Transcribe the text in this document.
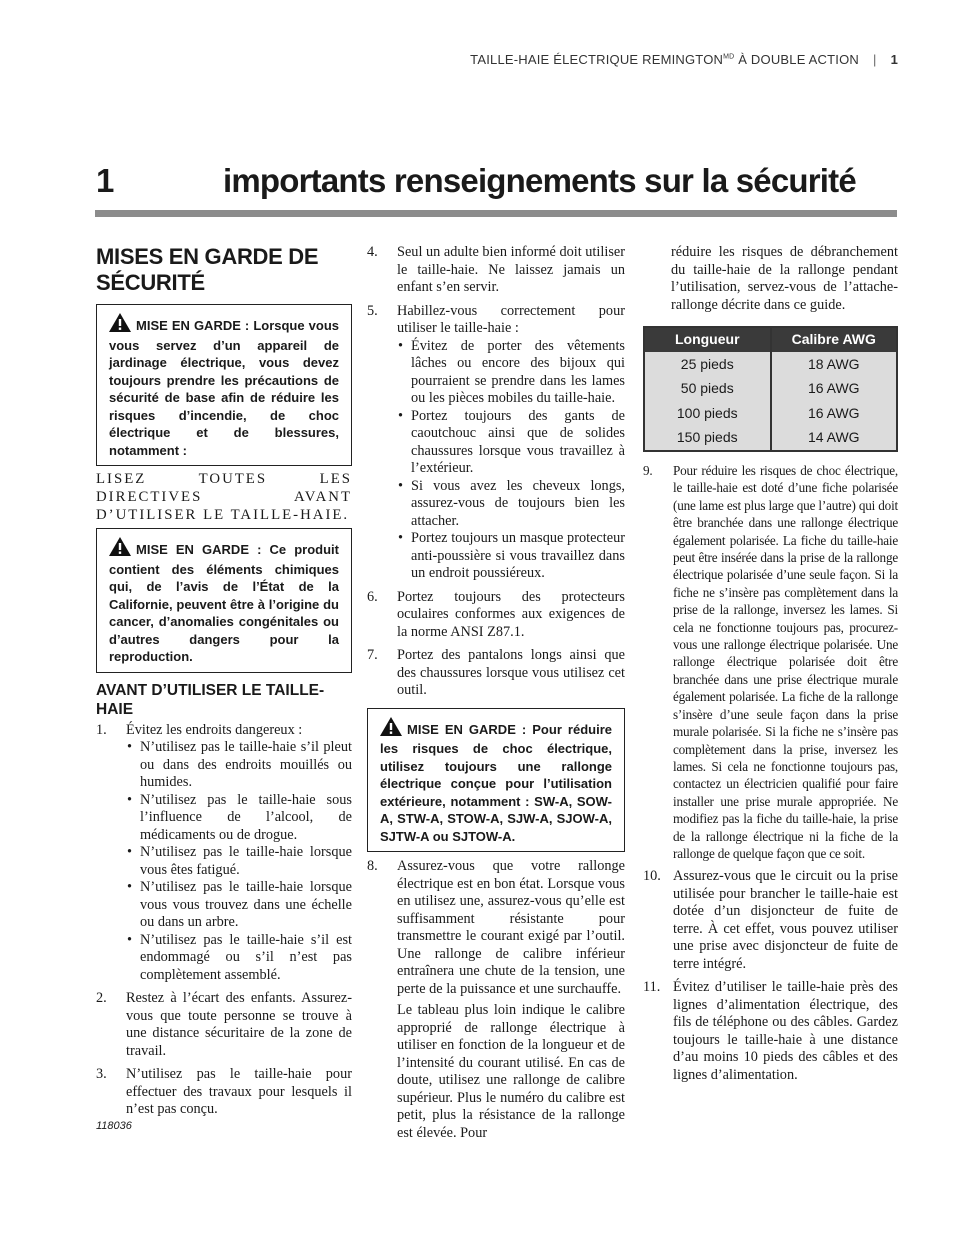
TAILLE-HAIE ÉLECTRIQUE $REMINGTON^{MD}$ À DOUBLE ACTION | 1
1	importants renseignements sur la sécurité
MISES EN GARDE DE SÉCURITÉ
MISE EN GARDE : Lorsque vous vous servez d’un appareil de jardinage électrique, vous devez toujours prendre les précautions de sécurité de base afin de réduire les risques d’incendie, de choc électrique et de blessures, notamment :

LISEZ TOUTES LES DIRECTIVES AVANT D’UTILISER LE TAILLE-HAIE.

MISE EN GARDE : Ce produit contient des éléments chimiques qui, de l’avis de l’État de la Californie, peuvent être à l’origine du cancer, d’anomalies congénitales ou d’autres dangers pour la reproduction.
AVANT D’UTILISER LE TAILLE-HAIE
1. Évitez les endroits dangereux :
• N’utilisez pas le taille-haie s’il pleut ou dans des endroits mouillés ou humides.
• N’utilisez pas le taille-haie sous l’influence de l’alcool, de médicaments ou de drogue.
• N’utilisez pas le taille-haie lorsque vous êtes fatigué.
• N’utilisez pas le taille-haie lorsque vous vous trouvez dans une échelle ou dans un arbre.
• N’utilisez pas le taille-haie s’il est endommagé ou s’il n’est pas complètement assemblé.
2. Restez à l’écart des enfants. Assurez-vous que toute personne se trouve à une distance sécuritaire de la zone de travail.
3. N’utilisez pas le taille-haie pour effectuer des travaux pour lesquels il n’est pas conçu.
4. Seul un adulte bien informé doit utiliser le taille-haie. Ne laissez jamais un enfant s’en servir.
5. Habillez-vous correctement pour utiliser le taille-haie :
• Évitez de porter des vêtements lâches ou encore des bijoux qui pourraient se prendre dans les lames ou les pièces mobiles du taille-haie.
• Portez toujours des gants de caoutchouc ainsi que de solides chaussures lorsque vous travaillez à l’extérieur.
• Si vous avez les cheveux longs, assurez-vous de toujours bien les attacher.
• Portez toujours un masque protecteur anti-poussière si vous travaillez dans un endroit poussiéreux.
6. Portez toujours des protecteurs oculaires conformes aux exigences de la norme ANSI Z87.1.
7. Portez des pantalons longs ainsi que des chaussures lorsque vous utilisez cet outil.
MISE EN GARDE : Pour réduire les risques de choc électrique, utilisez toujours une rallonge électrique conçue pour l’utilisation extérieure, notamment : SW-A, SOW-A, STW-A, STOW-A, SJW-A, SJOW-A, SJTW-A ou SJTOW-A.
8. Assurez-vous que votre rallonge électrique est en bon état. Lorsque vous en utilisez une, assurez-vous qu’elle est suffisamment résistante pour transmettre le courant exigé par l’outil. Une rallonge de calibre inférieur entraînera une chute de la tension, une perte de la puissance et une surchauffe.

Le tableau plus loin indique le calibre approprié de rallonge électrique à utiliser en fonction de la longueur et de l’intensité du courant utilisé. En cas de doute, utilisez une rallonge de calibre supérieur. Plus le numéro du calibre est petit, plus la résistance de la rallonge est élevée. Pour

réduire les risques de débranchement du taille-haie de la rallonge pendant l’utilisation, servez-vous de l’attache-rallonge décrite dans ce guide.

Longueur	Calibre AWG
25 pieds	18 AWG
50 pieds	16 AWG
100 pieds	16 AWG
150 pieds	14 AWG
9. Pour réduire les risques de choc électrique, le taille-haie est doté d’une fiche polarisée (une lame est plus large que l’autre) qui doit être branchée dans une rallonge électrique également polarisée. La fiche du taille-haie peut être insérée dans la prise de la rallonge électrique polarisée d’une seule façon. Si la fiche ne s’insère pas complètement dans la prise de la rallonge, inversez les lames. Si cela ne fonctionne toujours pas, procurez-vous une rallonge électrique polarisée. Une rallonge électrique polarisée doit être branchée dans une prise électrique murale également polarisée. La fiche de la rallonge s’insère d’une seule façon dans la prise murale polarisée. Si la fiche ne s’insère pas complètement dans la prise, inversez les lames. Si cela ne fonctionne toujours pas, contactez un électricien qualifié pour faire installer une prise murale appropriée. Ne modifiez pas la fiche du taille-haie, la prise de la rallonge électrique ni la fiche de la rallonge de quelque façon que ce soit.
10. Assurez-vous que le circuit ou la prise utilisée pour brancher le taille-haie est dotée d’un disjoncteur de fuite de terre. À cet effet, vous pouvez utiliser une prise avec disjoncteur de fuite de terre intégré.
11. Évitez d’utiliser le taille-haie près des lignes d’alimentation électrique, des fils de téléphone ou des câbles. Gardez toujours le taille-haie à une distance d’au moins 10 pieds des câbles et des lignes d’alimentation.
118036
